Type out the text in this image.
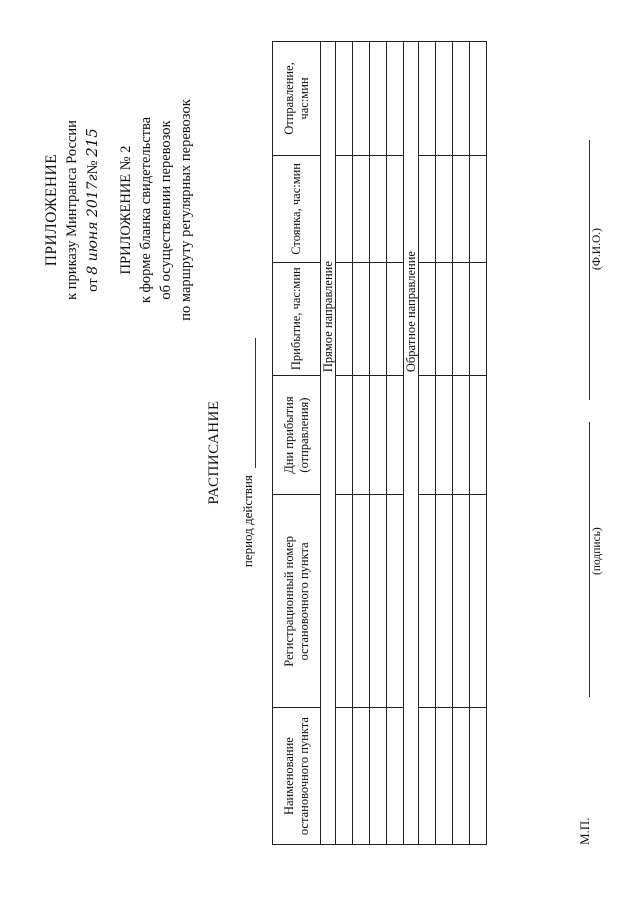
ПРИЛОЖЕНИЕ к приказу Минтранса России от 8 июня 2017г№ 215
ПРИЛОЖЕНИЕ № 2 к форме бланка свидетельства об осуществлении перевозок по маршруту регулярных перевозок
РАСПИСАНИЕ
период действия
Наименование остановочного пункта	Регистрационный номер остановочного пункта	Дни прибытия (отправления)	Прибытие, час:мин	Стоянка, час:мин	Отправление, час:мин
			Прямое направление		

			Обратное направление		

М.П.
(подпись)
(Ф.И.О.)
